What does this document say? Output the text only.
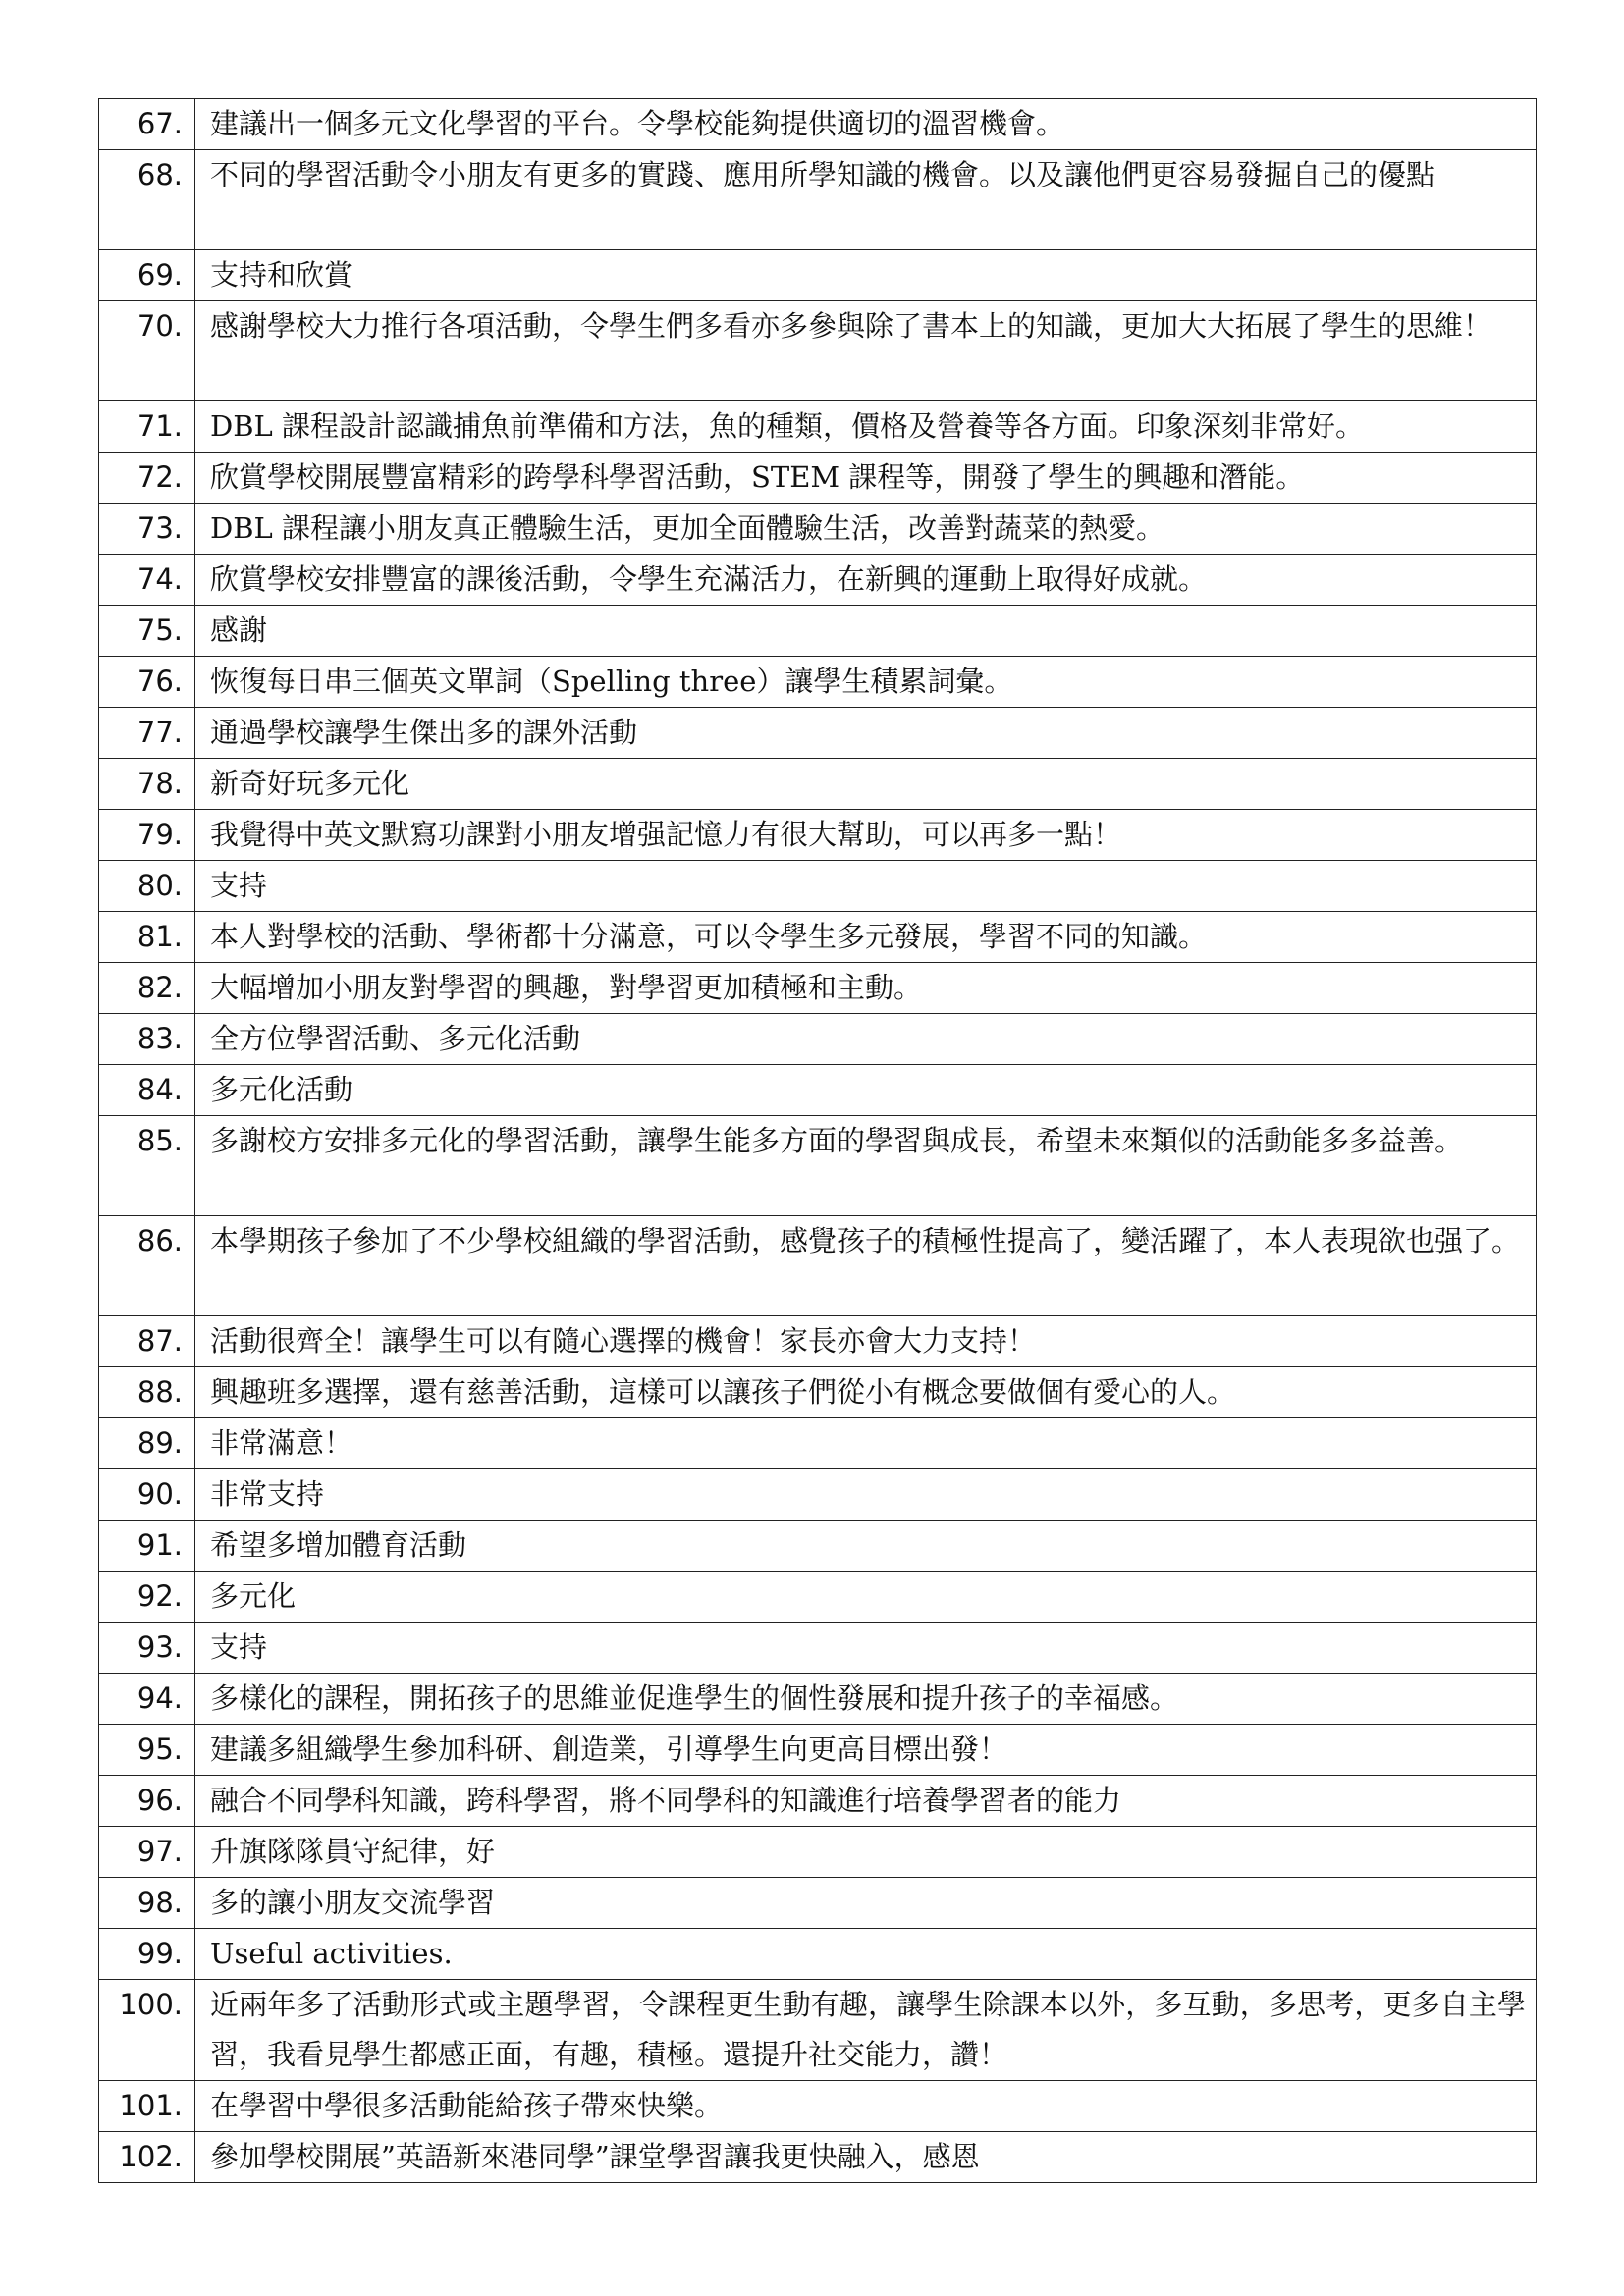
67.	建議出一個多元文化學習的平台。令學校能夠提供適切的溫習機會。
68.	不同的學習活動令小朋友有更多的實踐、應用所學知識的機會。以及讓他們更容易發掘自己的優點
69.	支持和欣賞
70.	感謝學校大力推行各項活動，令學生們多看亦多參與除了書本上的知識，更加大大拓展了學生的思維！
71.	DBL 課程設計認識捕魚前準備和方法，魚的種類，價格及營養等各方面。印象深刻非常好。
72.	欣賞學校開展豐富精彩的跨學科學習活動，STEM 課程等，開發了學生的興趣和潛能。
73.	DBL 課程讓小朋友真正體驗生活，更加全面體驗生活，改善對蔬菜的熱愛。
74.	欣賞學校安排豐富的課後活動，令學生充滿活力，在新興的運動上取得好成就。
75.	感謝
76.	恢復每日串三個英文單詞（Spelling three）讓學生積累詞彙。
77.	通過學校讓學生傑出多的課外活動
78.	新奇好玩多元化
79.	我覺得中英文默寫功課對小朋友增强記憶力有很大幫助，可以再多一點！
80.	支持
81.	本人對學校的活動、學術都十分滿意，可以令學生多元發展，學習不同的知識。
82.	大幅增加小朋友對學習的興趣，對學習更加積極和主動。
83.	全方位學習活動、多元化活動
84.	多元化活動
85.	多謝校方安排多元化的學習活動，讓學生能多方面的學習與成長，希望未來類似的活動能多多益善。
86.	本學期孩子參加了不少學校組織的學習活動，感覺孩子的積極性提高了，變活躍了，本人表現欲也强了。
87.	活動很齊全！讓學生可以有隨心選擇的機會！家長亦會大力支持！
88.	興趣班多選擇，還有慈善活動，這樣可以讓孩子們從小有概念要做個有愛心的人。
89.	非常滿意！
90.	非常支持
91.	希望多增加體育活動
92.	多元化
93.	支持
94.	多樣化的課程，開拓孩子的思維並促進學生的個性發展和提升孩子的幸福感。
95.	建議多組織學生參加科研、創造業，引導學生向更高目標出發！
96.	融合不同學科知識，跨科學習，將不同學科的知識進行培養學習者的能力
97.	升旗隊隊員守紀律，好
98.	多的讓小朋友交流學習
99.	Useful activities.
100.	近兩年多了活動形式或主題學習，令課程更生動有趣，讓學生除課本以外，多互動，多思考，更多自主學習，我看見學生都感正面，有趣，積極。還提升社交能力，讚！
101.	在學習中學很多活動能給孩子帶來快樂。
102.	參加學校開展”英語新來港同學”課堂學習讓我更快融入，感恩
